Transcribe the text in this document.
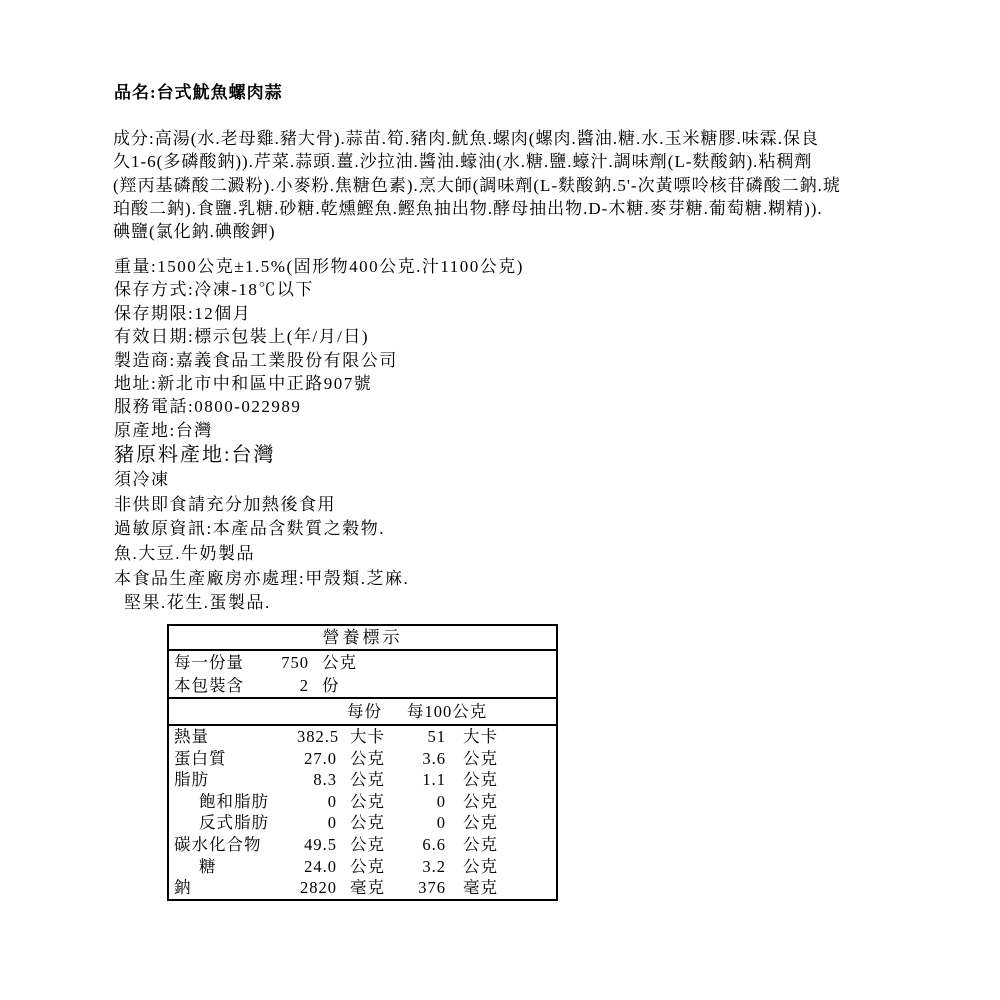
品名:台式魷魚螺肉蒜
成分:高湯(水.老母雞.豬大骨).蒜苗.筍.豬肉.魷魚.螺肉(螺肉.醬油.糖.水.玉米糖膠.味霖.保良
久1-6(多磷酸鈉)).芹菜.蒜頭.薑.沙拉油.醬油.蠔油(水.糖.鹽.蠔汁.調味劑(L-麩酸鈉).粘稠劑
(羥丙基磷酸二澱粉).小麥粉.焦糖色素).烹大師(調味劑(L-麩酸鈉.5'-次黃嘌呤核苷磷酸二鈉.琥
珀酸二鈉).食鹽.乳糖.砂糖.乾燻鰹魚.鰹魚抽出物.酵母抽出物.D-木糖.麥芽糖.葡萄糖.糊精)).
碘鹽(氯化鈉.碘酸鉀)
重量:1500公克±1.5%(固形物400公克.汁1100公克)
保存方式:冷凍-18℃以下
保存期限:12個月
有效日期:標示包裝上(年/月/日)
製造商:嘉義食品工業股份有限公司
地址:新北市中和區中正路907號
服務電話:0800-022989
原產地:台灣
豬原料產地:台灣
須冷凍
非供即食請充分加熱後食用
過敏原資訊:本產品含麩質之穀物.
魚.大豆.牛奶製品
本食品生產廠房亦處理:甲殼類.芝麻.
堅果.花生.蛋製品.
營養標示
每一份量	750 公克
本包裝含	2 份
每份 每100公克
熱量	382.5 大卡	51	大卡
蛋白質	27.0 公克	3.6	公克
脂肪	8.3 公克	1.1	公克
飽和脂肪	0 公克	0	公克
反式脂肪	0 公克	0	公克
碳水化合物	49.5 公克	6.6	公克
糖	24.0 公克	3.2	公克
鈉	2820 毫克	376	毫克
